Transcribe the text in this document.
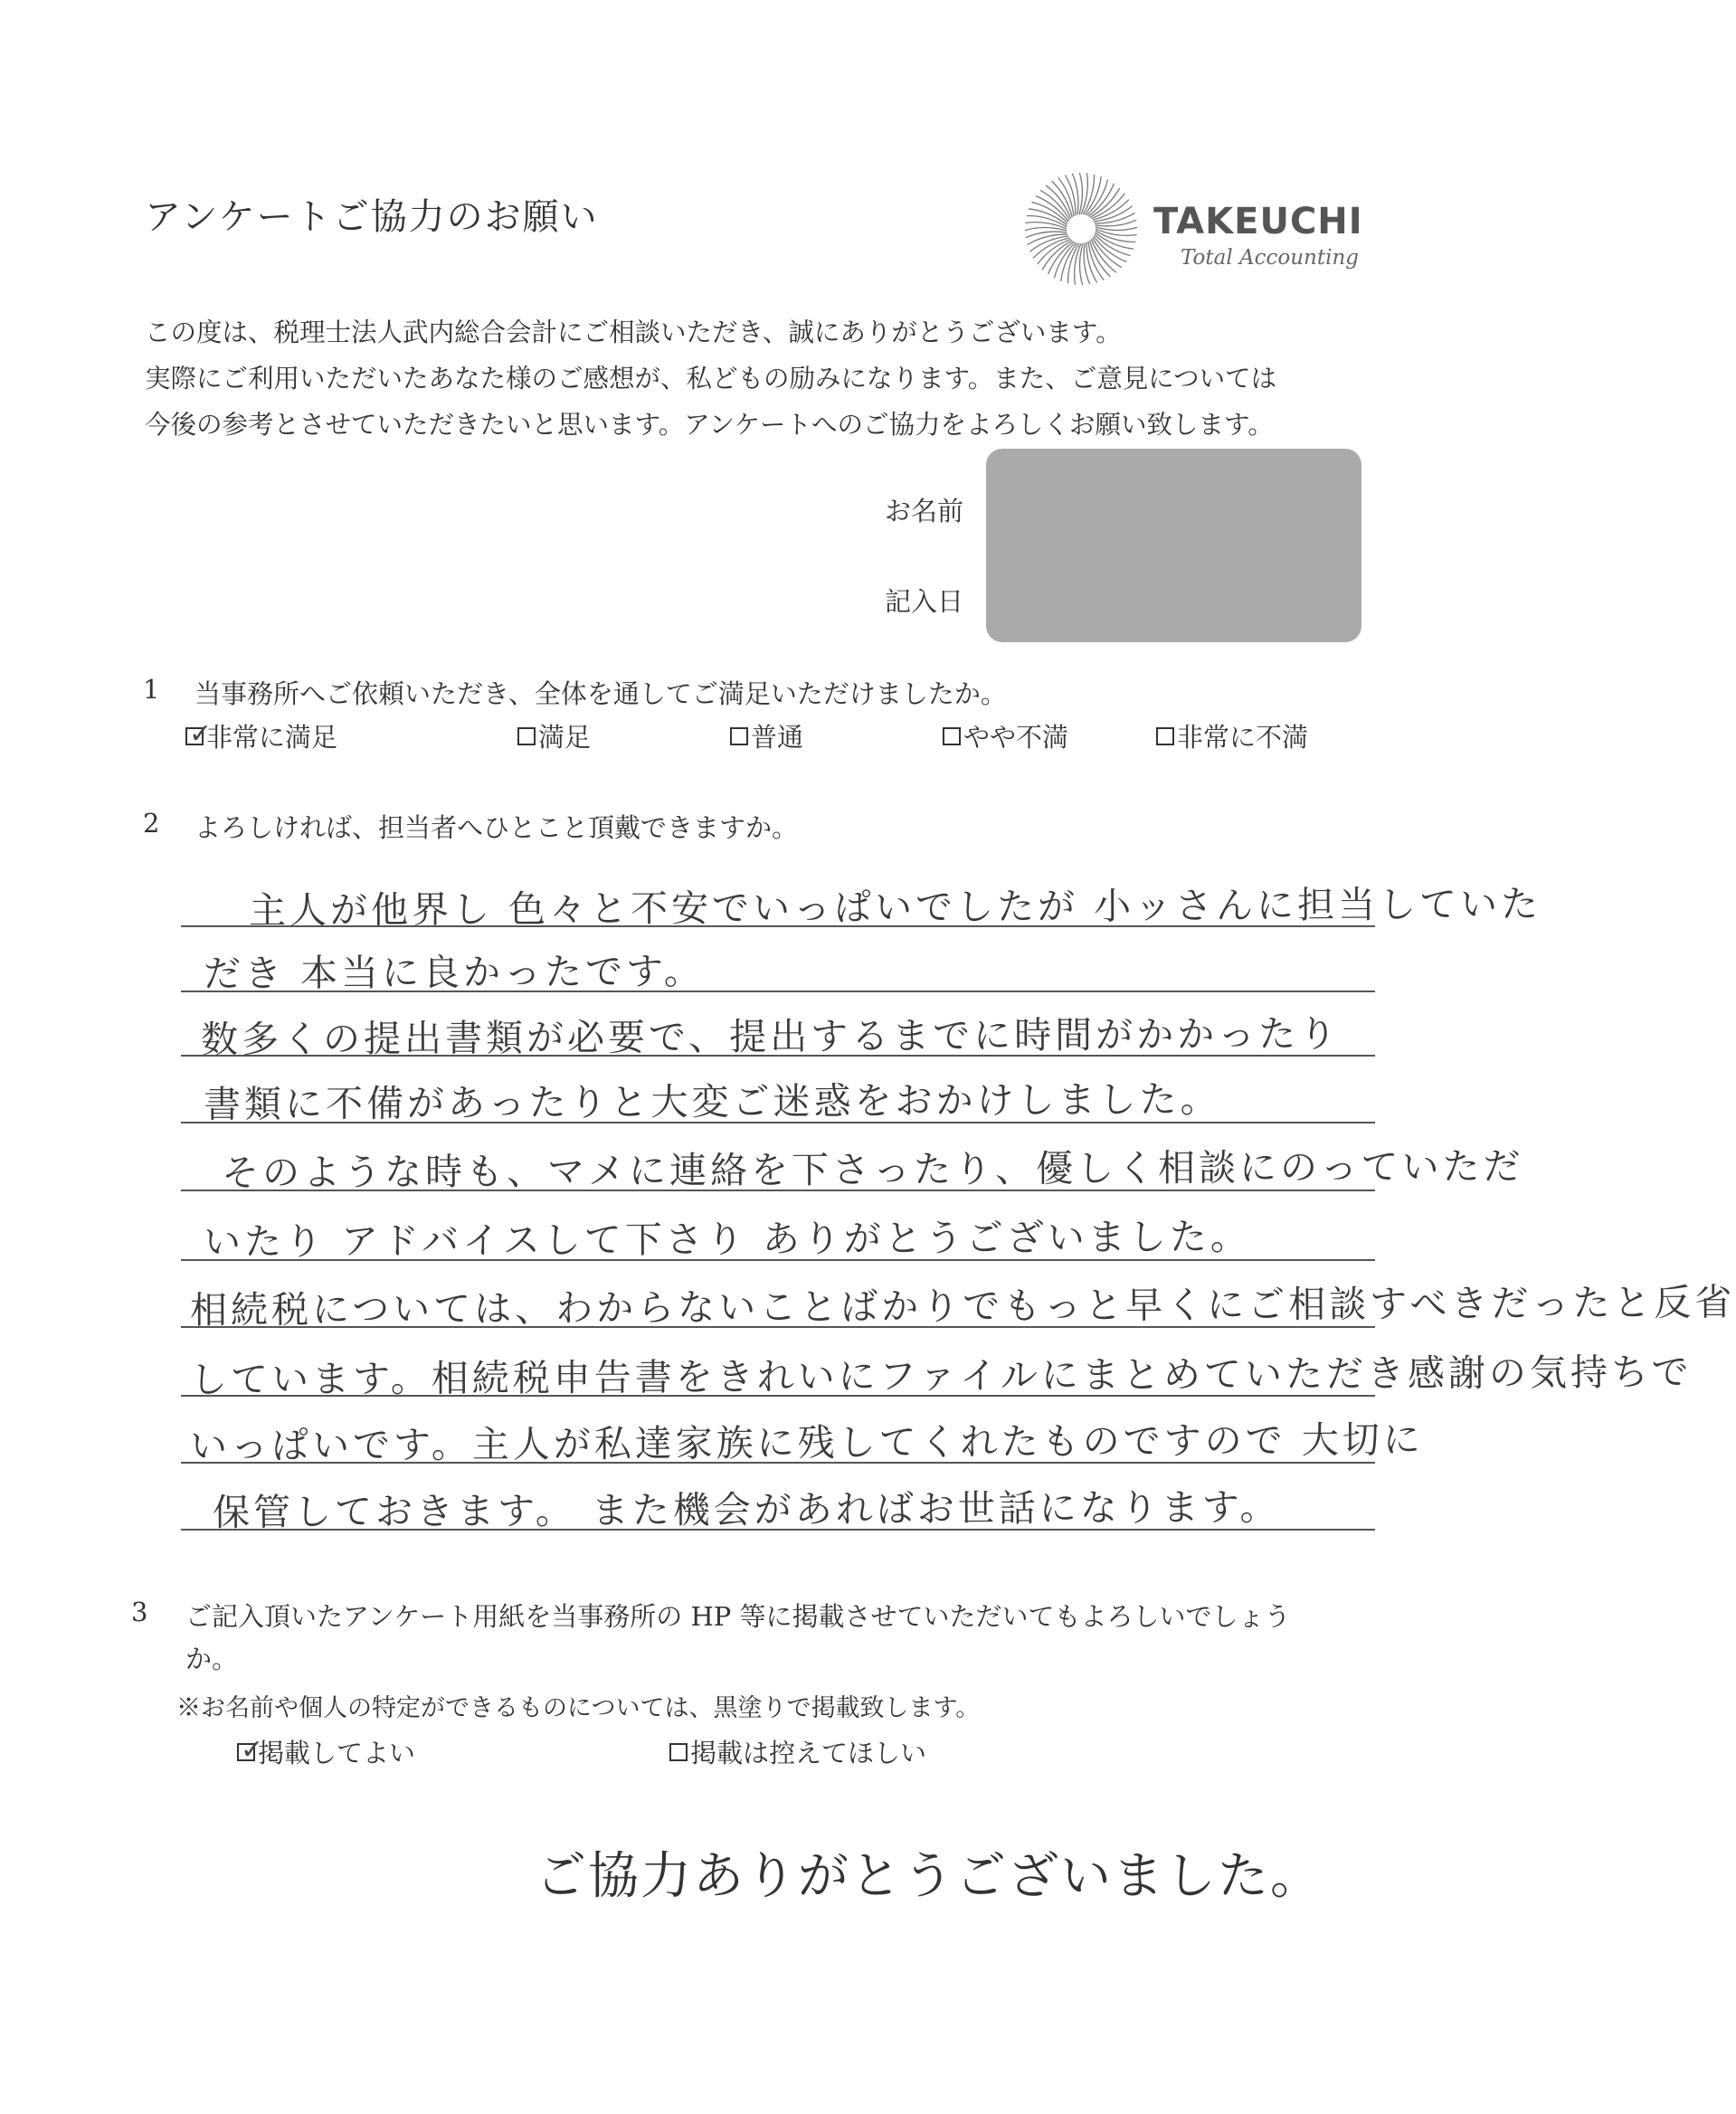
アンケートご協力のお願い	TAKEUCHI
Total Accounting
この度は、税理士法人武内総合会計にご相談いただき、誠にありがとうございます。
実際にご利用いただいたあなた様のご感想が、私どもの励みになります。また、ご意見については
今後の参考とさせていただきたいと思います。アンケートへのご協力をよろしくお願い致します。
お名前
記入日
1 当事務所へご依頼いただき、全体を通してご満足いただけましたか。
✓
非常に満足	満足	普通	やや不満	非常に不満
2 よろしければ、担当者へひとこと頂戴できますか。
主人が他界し 色々と不安でいっぱいでしたが 小ッさんに担当していた
だき 本当に良かったです。
数多くの提出書類が必要で、提出するまでに時間がかかったり
書類に不備があったりと大変ご迷惑をおかけしました。
そのような時も、マメに連絡を下さったり、優しく相談にのっていただ
いたり アドバイスして下さり ありがとうございました。
相続税については、わからないことばかりでもっと早くにご相談すべきだったと反省
しています。相続税申告書をきれいにファイルにまとめていただき感謝の気持ちで
いっぱいです。主人が私達家族に残してくれたものですので 大切に
保管しておきます。 また機会があればお世話になります。
3 ご記入頂いたアンケート用紙を当事務所の HP 等に掲載させていただいてもよろしいでしょう
か。
※お名前や個人の特定ができるものについては、黒塗りで掲載致します。
✓
掲載してよい	掲載は控えてほしい
ご協力ありがとうございました。
